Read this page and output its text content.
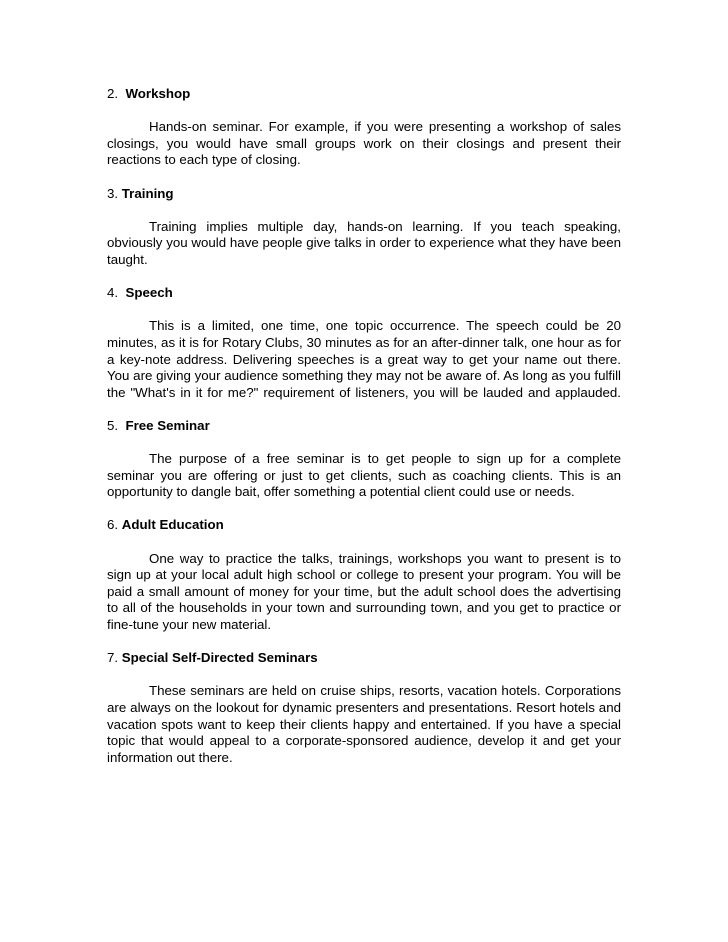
2. Workshop

Hands-on seminar. For example, if you were presenting a workshop of sales closings, you would have small groups work on their closings and present their reactions to each type of closing.

3. Training

Training implies multiple day, hands-on learning. If you teach speaking, obviously you would have people give talks in order to experience what they have been taught.

4. Speech

This is a limited, one time, one topic occurrence. The speech could be 20 minutes, as it is for Rotary Clubs, 30 minutes as for an after-dinner talk, one hour as for a key-note address. Delivering speeches is a great way to get your name out there. You are giving your audience something they may not be aware of. As long as you fulfill the "What's in it for me?" requirement of listeners, you will be lauded and applauded.

5. Free Seminar

The purpose of a free seminar is to get people to sign up for a complete seminar you are offering or just to get clients, such as coaching clients. This is an opportunity to dangle bait, offer something a potential client could use or needs.

6. Adult Education

One way to practice the talks, trainings, workshops you want to present is to sign up at your local adult high school or college to present your program. You will be paid a small amount of money for your time, but the adult school does the advertising to all of the households in your town and surrounding town, and you get to practice or fine-tune your new material.

7. Special Self-Directed Seminars

These seminars are held on cruise ships, resorts, vacation hotels. Corporations are always on the lookout for dynamic presenters and presentations. Resort hotels and vacation spots want to keep their clients happy and entertained. If you have a special topic that would appeal to a corporate-sponsored audience, develop it and get your information out there.
